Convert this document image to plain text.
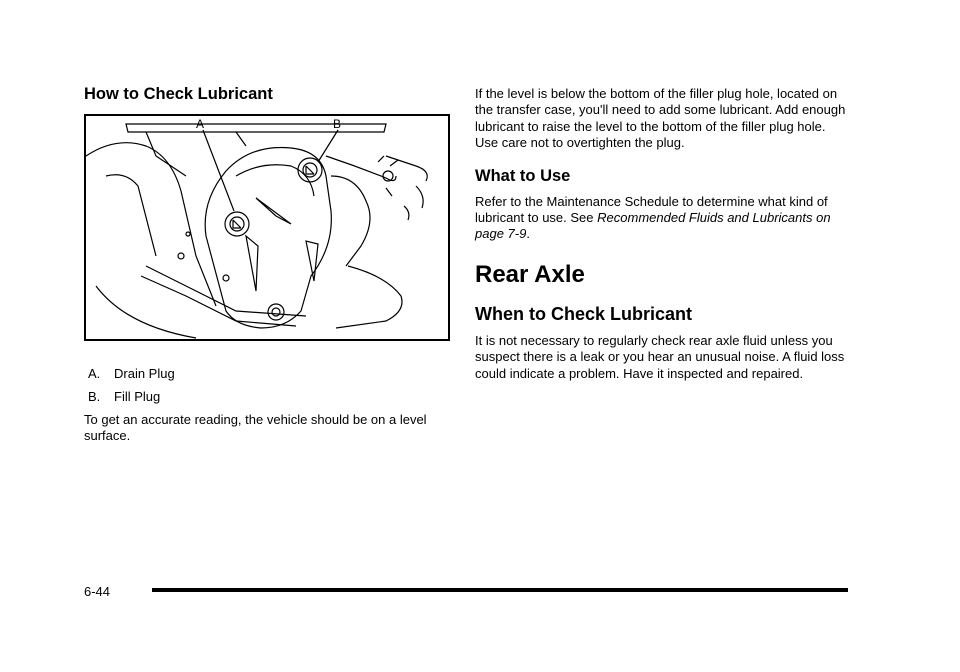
How to Check Lubricant
A	B
A. Drain Plug
B. Fill Plug

To get an accurate reading, the vehicle should be on a level surface.

If the level is below the bottom of the filler plug hole, located on the transfer case, you'll need to add some lubricant. Add enough lubricant to raise the level to the bottom of the filler plug hole. Use care not to overtighten the plug.

What to Use

Refer to the Maintenance Schedule to determine what kind of lubricant to use. See Recommended Fluids and Lubricants on page 7-9.

Rear Axle
When to Check Lubricant

It is not necessary to regularly check rear axle fluid unless you suspect there is a leak or you hear an unusual noise. A fluid loss could indicate a problem. Have it inspected and repaired.

6-44
